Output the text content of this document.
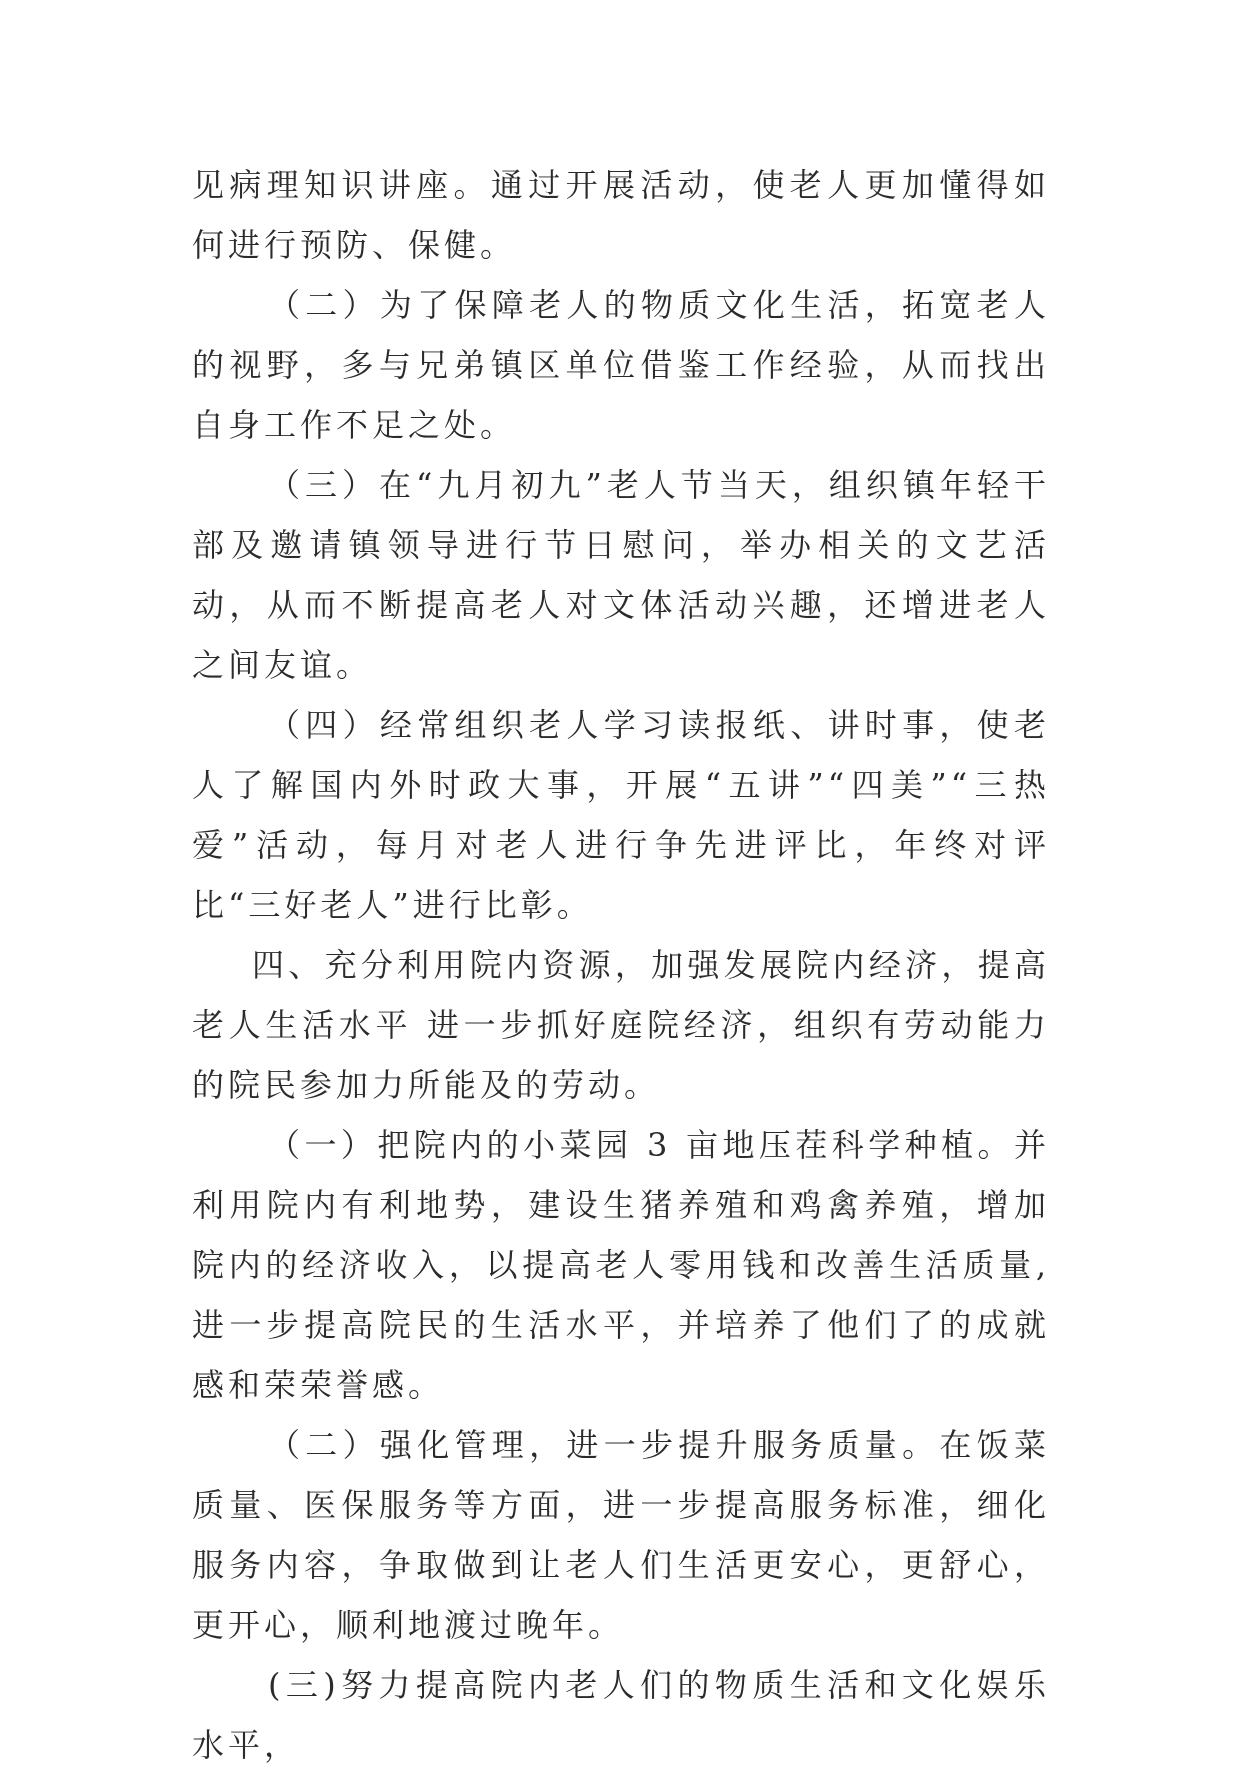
见病理知识讲座。通过开展活动，使老人更加懂得如何进行预防、保健。

（二）为了保障老人的物质文化生活，拓宽老人的视野，多与兄弟镇区单位借鉴工作经验，从而找出自身工作不足之处。

（三）在“九月初九”老人节当天，组织镇年轻干部及邀请镇领导进行节日慰问，举办相关的文艺活动，从而不断提高老人对文体活动兴趣，还增进老人之间友谊。

（四）经常组织老人学习读报纸、讲时事，使老人了解国内外时政大事，开展“五讲”“四美”“三热爱”活动，每月对老人进行争先进评比，年终对评比“三好老人”进行比彰。

四、充分利用院内资源，加强发展院内经济，提高老人生活水平 进一步抓好庭院经济，组织有劳动能力的院民参加力所能及的劳动。

（一）把院内的小菜园 3 亩地压茬科学种植。并利用院内有利地势，建设生猪养殖和鸡禽养殖，增加院内的经济收入，以提高老人零用钱和改善生活质量,进一步提高院民的生活水平，并培养了他们了的成就感和荣荣誉感。

（二）强化管理，进一步提升服务质量。在饭菜质量、医保服务等方面，进一步提高服务标准，细化服务内容，争取做到让老人们生活更安心，更舒心，更开心，顺利地渡过晚年。

(三)努力提高院内老人们的物质生活和文化娱乐水平，
